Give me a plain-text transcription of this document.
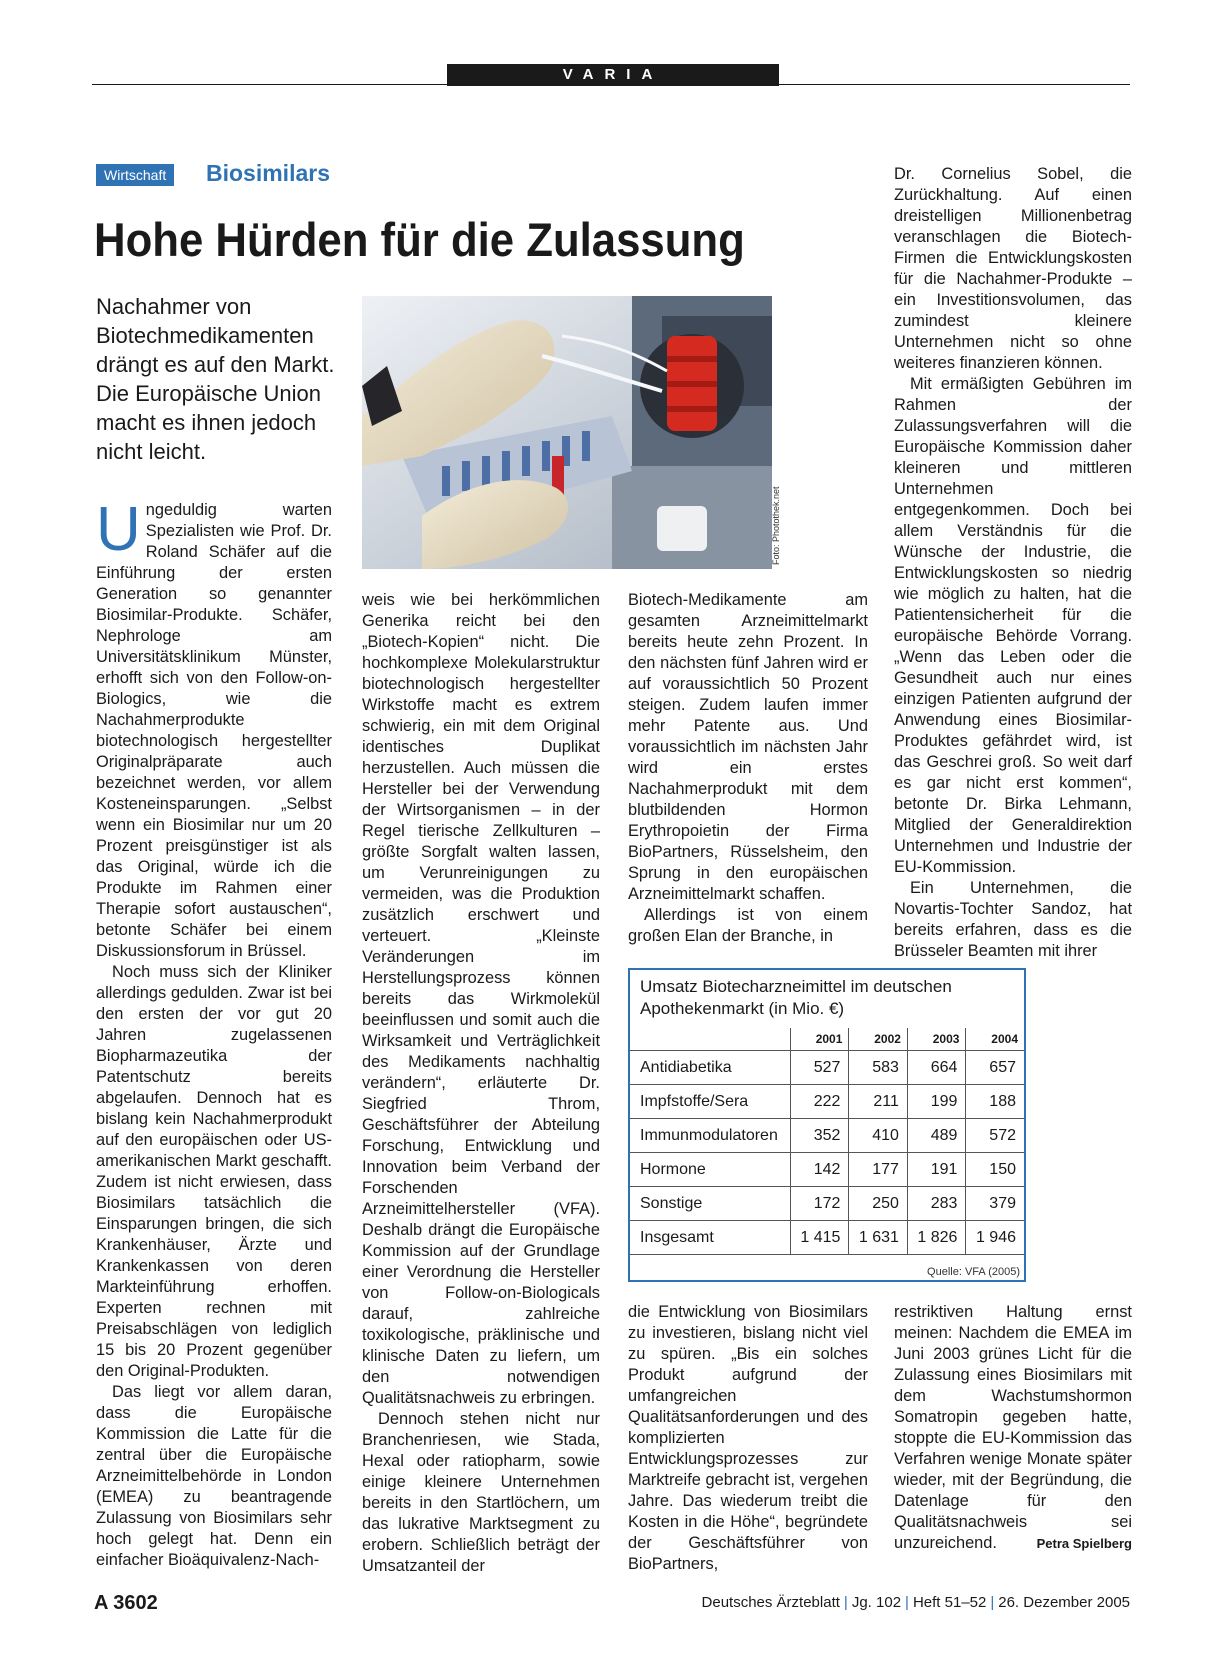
VARIA
Wirtschaft	Biosimilars
Hohe Hürden für die Zulassung
Nachahmer von Biotechmedikamenten drängt es auf den Markt. Die Europäische Union macht es ihnen jedoch nicht leicht.
Foto: Photothek.net

Ungeduldig warten Spezialisten wie Prof. Dr. Roland Schäfer auf die Einführung der ersten Generation so genannter Biosimilar-Produkte. Schäfer, Nephrologe am Universitätsklinikum Münster, erhofft sich von den Follow-on-Biologics, wie die Nachahmerprodukte biotechnologisch hergestellter Originalpräparate auch bezeichnet werden, vor allem Kosteneinsparungen. „Selbst wenn ein Biosimilar nur um 20 Prozent preisgünstiger ist als das Original, würde ich die Produkte im Rahmen einer Therapie sofort austauschen“, betonte Schäfer bei einem Diskussionsforum in Brüssel.

Noch muss sich der Kliniker allerdings gedulden. Zwar ist bei den ersten der vor gut 20 Jahren zugelassenen Biopharmazeutika der Patentschutz bereits abgelaufen. Dennoch hat es bislang kein Nachahmerprodukt auf den europäischen oder US-amerikanischen Markt geschafft. Zudem ist nicht erwiesen, dass Biosimilars tatsächlich die Einsparungen bringen, die sich Krankenhäuser, Ärzte und Krankenkassen von deren Markteinführung erhoffen. Experten rechnen mit Preisabschlägen von lediglich 15 bis 20 Prozent gegenüber den Original-Produkten.

Das liegt vor allem daran, dass die Europäische Kommission die Latte für die zentral über die Europäische Arzneimittelbehörde in London (EMEA) zu beantragende Zulassung von Biosimilars sehr hoch gelegt hat. Denn ein einfacher Bioäquivalenz-Nach-

weis wie bei herkömmlichen Generika reicht bei den „Biotech-Kopien“ nicht. Die hochkomplexe Molekularstruktur biotechnologisch hergestellter Wirkstoffe macht es extrem schwierig, ein mit dem Original identisches Duplikat herzustellen. Auch müssen die Hersteller bei der Verwendung der Wirtsorganismen – in der Regel tierische Zellkulturen – größte Sorgfalt walten lassen, um Verunreinigungen zu vermeiden, was die Produktion zusätzlich erschwert und verteuert. „Kleinste Veränderungen im Herstellungsprozess können bereits das Wirkmolekül beeinflussen und somit auch die Wirksamkeit und Verträglichkeit des Medikaments nachhaltig verändern“, erläuterte Dr. Siegfried Throm, Geschäftsführer der Abteilung Forschung, Entwicklung und Innovation beim Verband der Forschenden Arzneimittelhersteller (VFA). Deshalb drängt die Europäische Kommission auf der Grundlage einer Verordnung die Hersteller von Follow-on-Biologicals darauf, zahlreiche toxikologische, präklinische und klinische Daten zu liefern, um den notwendigen Qualitätsnachweis zu erbringen.

Dennoch stehen nicht nur Branchenriesen, wie Stada, Hexal oder ratiopharm, sowie einige kleinere Unternehmen bereits in den Startlöchern, um das lukrative Marktsegment zu erobern. Schließlich beträgt der Umsatzanteil der

Biotech-Medikamente am gesamten Arzneimittelmarkt bereits heute zehn Prozent. In den nächsten fünf Jahren wird er auf voraussichtlich 50 Prozent steigen. Zudem laufen immer mehr Patente aus. Und voraussichtlich im nächsten Jahr wird ein erstes Nachahmerprodukt mit dem blutbildenden Hormon Erythropoietin der Firma BioPartners, Rüsselsheim, den Sprung in den europäischen Arzneimittelmarkt schaffen.

Allerdings ist von einem großen Elan der Branche, in

Dr. Cornelius Sobel, die Zurückhaltung. Auf einen dreistelligen Millionenbetrag veranschlagen die Biotech-Firmen die Entwicklungskosten für die Nachahmer-Produkte – ein Investitionsvolumen, das zumindest kleinere Unternehmen nicht so ohne weiteres finanzieren können.

Mit ermäßigten Gebühren im Rahmen der Zulassungsverfahren will die Europäische Kommission daher kleineren und mittleren Unternehmen entgegenkommen. Doch bei allem Verständnis für die Wünsche der Industrie, die Entwicklungskosten so niedrig wie möglich zu halten, hat die Patientensicherheit für die europäische Behörde Vorrang. „Wenn das Leben oder die Gesundheit auch nur eines einzigen Patienten aufgrund der Anwendung eines Biosimilar-Produktes gefährdet wird, ist das Geschrei groß. So weit darf es gar nicht erst kommen“, betonte Dr. Birka Lehmann, Mitglied der Generaldirektion Unternehmen und Industrie der EU-Kommission.

Ein Unternehmen, die Novartis-Tochter Sandoz, hat bereits erfahren, dass es die Brüsseler Beamten mit ihrer

Umsatz Biotecharzneimittel im deutschen Apothekenmarkt (in Mio. €)
	2001	2002	2003	2004
Antidiabetika	527	583	664	657
Impfstoffe/Sera	222	211	199	188
Immunmodulatoren	352	410	489	572
Hormone	142	177	191	150
Sonstige	172	250	283	379
Insgesamt	1 415	1 631	1 826	1 946
Quelle: VFA (2005)

die Entwicklung von Biosimilars zu investieren, bislang nicht viel zu spüren. „Bis ein solches Produkt aufgrund der umfangreichen Qualitätsanforderungen und des komplizierten Entwicklungsprozesses zur Marktreife gebracht ist, vergehen Jahre. Das wiederum treibt die Kosten in die Höhe“, begründete der Geschäftsführer von BioPartners,

restriktiven Haltung ernst meinen: Nachdem die EMEA im Juni 2003 grünes Licht für die Zulassung eines Biosimilars mit dem Wachstumshormon Somatropin gegeben hatte, stoppte die EU-Kommission das Verfahren wenige Monate später wieder, mit der Begründung, die Datenlage für den Qualitätsnachweis sei unzureichend.	Petra Spielberg

A 3602	Deutsches Ärzteblatt | Jg. 102 | Heft 51–52 | 26. Dezember 2005
